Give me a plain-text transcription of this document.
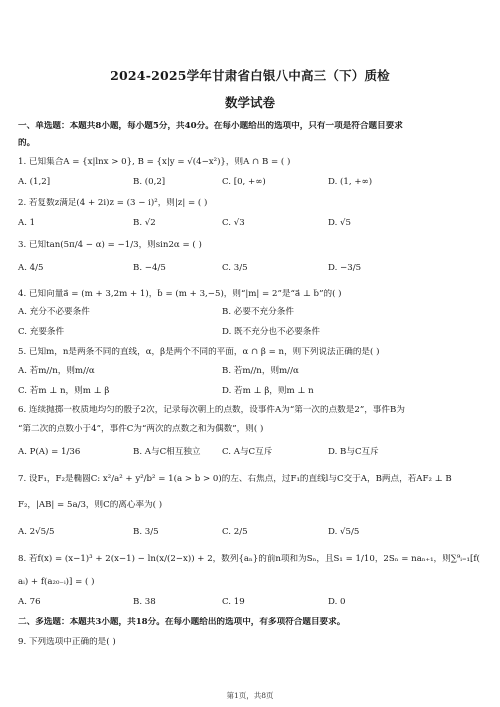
2024-2025学年甘肃省白银八中高三（下）质检
数学试卷
一、单选题：本题共8小题，每小题5分，共40分。在每小题给出的选项中，只有一项是符合题目要求
的。
1. 已知集合A = {x|lnx > 0}, B = {x|y = √(4−x²)}，则A ∩ B = ( )
A. (1,2]	B. (0,2]	C. [0, +∞)	D. (1, +∞)
2. 若复数z满足(4 + 2i)z = (3 − i)²，则|z| = ( )
A. 1	B. √2	C. √3	D. √5
3. 已知tan(5π/4 − α) = −1/3，则sin2α = ( )
A. 4/5	B. −4/5	C. 3/5	D. −3/5
4. 已知向量a⃗ = (m + 3,2m + 1)，b⃗ = (m + 3,−5)，则“|m| = 2”是“a⃗ ⊥ b⃗”的( )
A. 充分不必要条件	B. 必要不充分条件
C. 充要条件	D. 既不充分也不必要条件
5. 已知m，n是两条不同的直线，α，β是两个不同的平面，α ∩ β = n，则下列说法正确的是( )
A. 若m//n，则m//α	B. 若m//n，则m//α
C. 若m ⊥ n，则m ⊥ β	D. 若m ⊥ β，则m ⊥ n
6. 连续抛掷一枚质地均匀的骰子2次，记录每次朝上的点数，设事件A为“第一次的点数是2”，事件B为
“第二次的点数小于4”，事件C为“两次的点数之和为偶数”，则( )
A. P(A) = 1/36	B. A与C相互独立 C. A与C互斥	D. B与C互斥
7. 设F₁，F₂是椭圆C: x²/a² + y²/b² = 1(a > b > 0)的左、右焦点，过F₁的直线l与C交于A，B两点，若AF₂ ⊥ B
F₂，|AB| = 5a/3，则C的离心率为( )
A. 2√5/5	B. 3/5	C. 2/5	D. √5/5
8. 若f(x) = (x−1)³ + 2(x−1) − ln(x/(2−x)) + 2，数列{aₙ}的前n项和为Sₙ，且S₁ = 1/10，2Sₙ = naₙ₊₁，则∑⁹ᵢ₌₁[f(
aᵢ) + f(a₂₀₋ᵢ)] = ( )
A. 76	B. 38	C. 19	D. 0
二、多选题：本题共3小题，共18分。在每小题给出的选项中，有多项符合题目要求。
9. 下列选项中正确的是( )
第1页，共8页
